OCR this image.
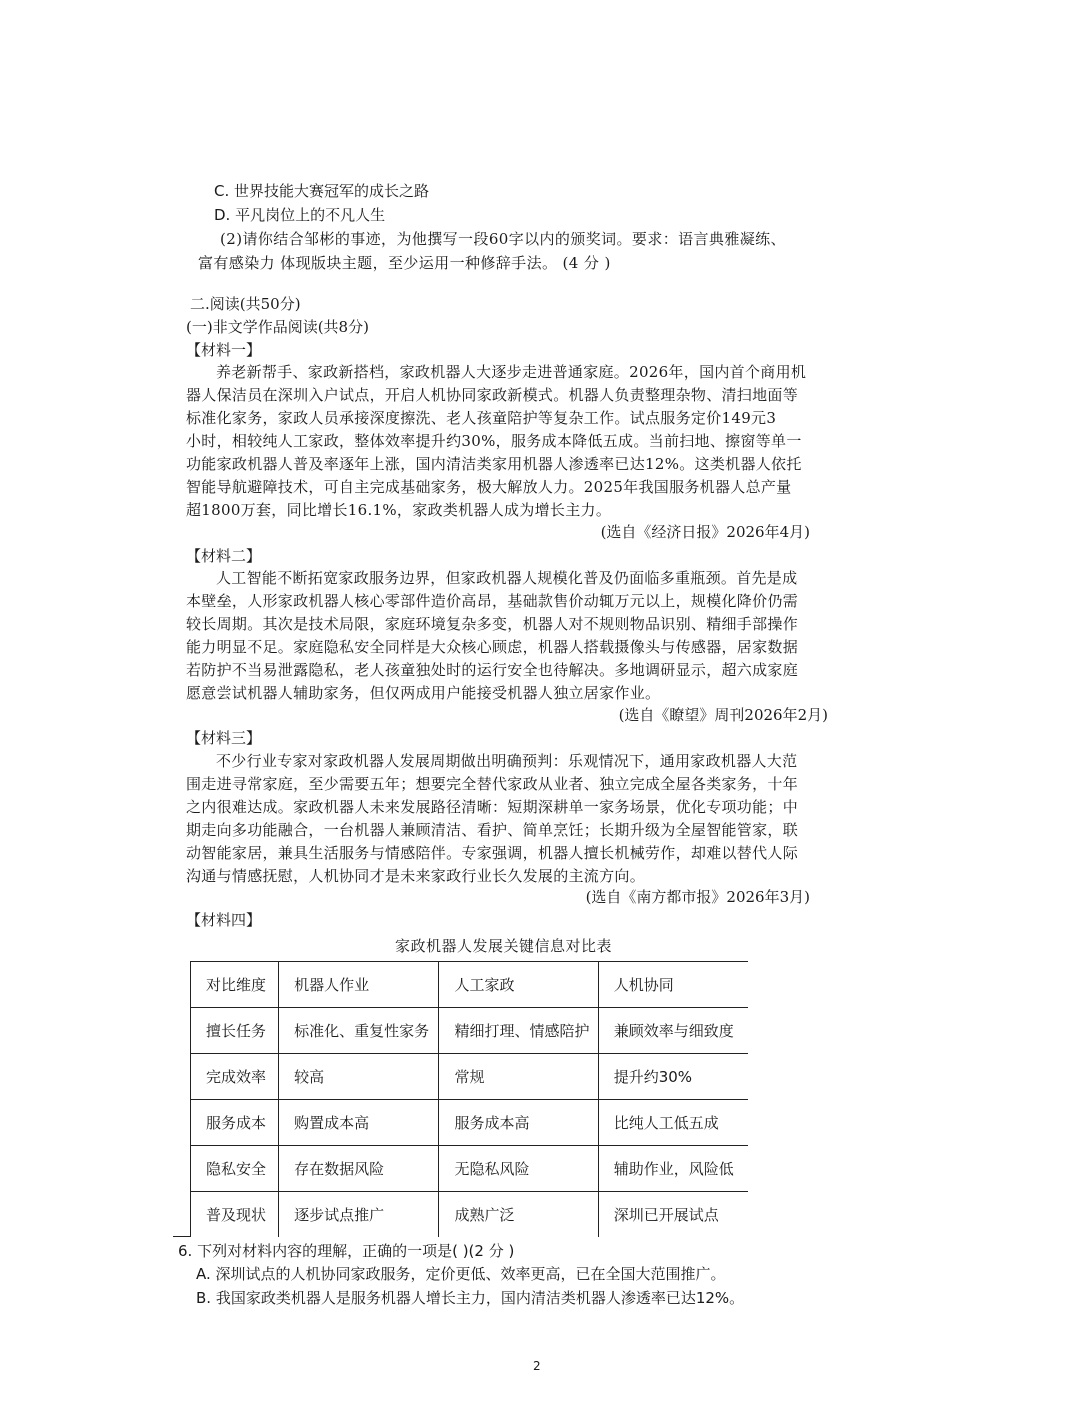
C. 世界技能大赛冠军的成长之路
D. 平凡岗位上的不凡人生
(2)请你结合邹彬的事迹，为他撰写一段60字以内的颁奖词。要求：语言典雅凝练、
富有感染力 体现版块主题，至少运用一种修辞手法。 (4 分 )
二.阅读(共50分)
(一)非文学作品阅读(共8分)
【材料一】
养老新帮手、家政新搭档，家政机器人大逐步走进普通家庭。2026年，国内首个商用机
器人保洁员在深圳入户试点，开启人机协同家政新模式。机器人负责整理杂物、清扫地面等
标准化家务，家政人员承接深度擦洗、老人孩童陪护等复杂工作。试点服务定价149元3
小时，相较纯人工家政，整体效率提升约30%，服务成本降低五成。当前扫地、擦窗等单一
功能家政机器人普及率逐年上涨，国内清洁类家用机器人渗透率已达12%。这类机器人依托
智能导航避障技术，可自主完成基础家务，极大解放人力。2025年我国服务机器人总产量
超1800万套，同比增长16.1%，家政类机器人成为增长主力。
(选自《经济日报》2026年4月)
【材料二】
人工智能不断拓宽家政服务边界，但家政机器人规模化普及仍面临多重瓶颈。首先是成
本壁垒，人形家政机器人核心零部件造价高昂，基础款售价动辄万元以上，规模化降价仍需
较长周期。其次是技术局限，家庭环境复杂多变，机器人对不规则物品识别、精细手部操作
能力明显不足。家庭隐私安全同样是大众核心顾虑，机器人搭载摄像头与传感器，居家数据
若防护不当易泄露隐私，老人孩童独处时的运行安全也待解决。多地调研显示，超六成家庭
愿意尝试机器人辅助家务，但仅两成用户能接受机器人独立居家作业。
(选自《瞭望》周刊2026年2月)
【材料三】
不少行业专家对家政机器人发展周期做出明确预判：乐观情况下，通用家政机器人大范
围走进寻常家庭，至少需要五年；想要完全替代家政从业者、独立完成全屋各类家务，十年
之内很难达成。家政机器人未来发展路径清晰：短期深耕单一家务场景，优化专项功能；中
期走向多功能融合，一台机器人兼顾清洁、看护、简单烹饪；长期升级为全屋智能管家，联
动智能家居，兼具生活服务与情感陪伴。专家强调，机器人擅长机械劳作，却难以替代人际
沟通与情感抚慰，人机协同才是未来家政行业长久发展的主流方向。
(选自《南方都市报》2026年3月)
【材料四】
家政机器人发展关键信息对比表
对比维度	机器人作业	人工家政	人机协同
擅长任务	标准化、重复性家务	精细打理、情感陪护	兼顾效率与细致度
完成效率	较高	常规	提升约30%
服务成本	购置成本高	服务成本高	比纯人工低五成
隐私安全	存在数据风险	无隐私风险	辅助作业，风险低
普及现状	逐步试点推广	成熟广泛	深圳已开展试点
6. 下列对材料内容的理解，正确的一项是( )(2 分 )
A. 深圳试点的人机协同家政服务，定价更低、效率更高，已在全国大范围推广。
B. 我国家政类机器人是服务机器人增长主力，国内清洁类机器人渗透率已达12%。
2
